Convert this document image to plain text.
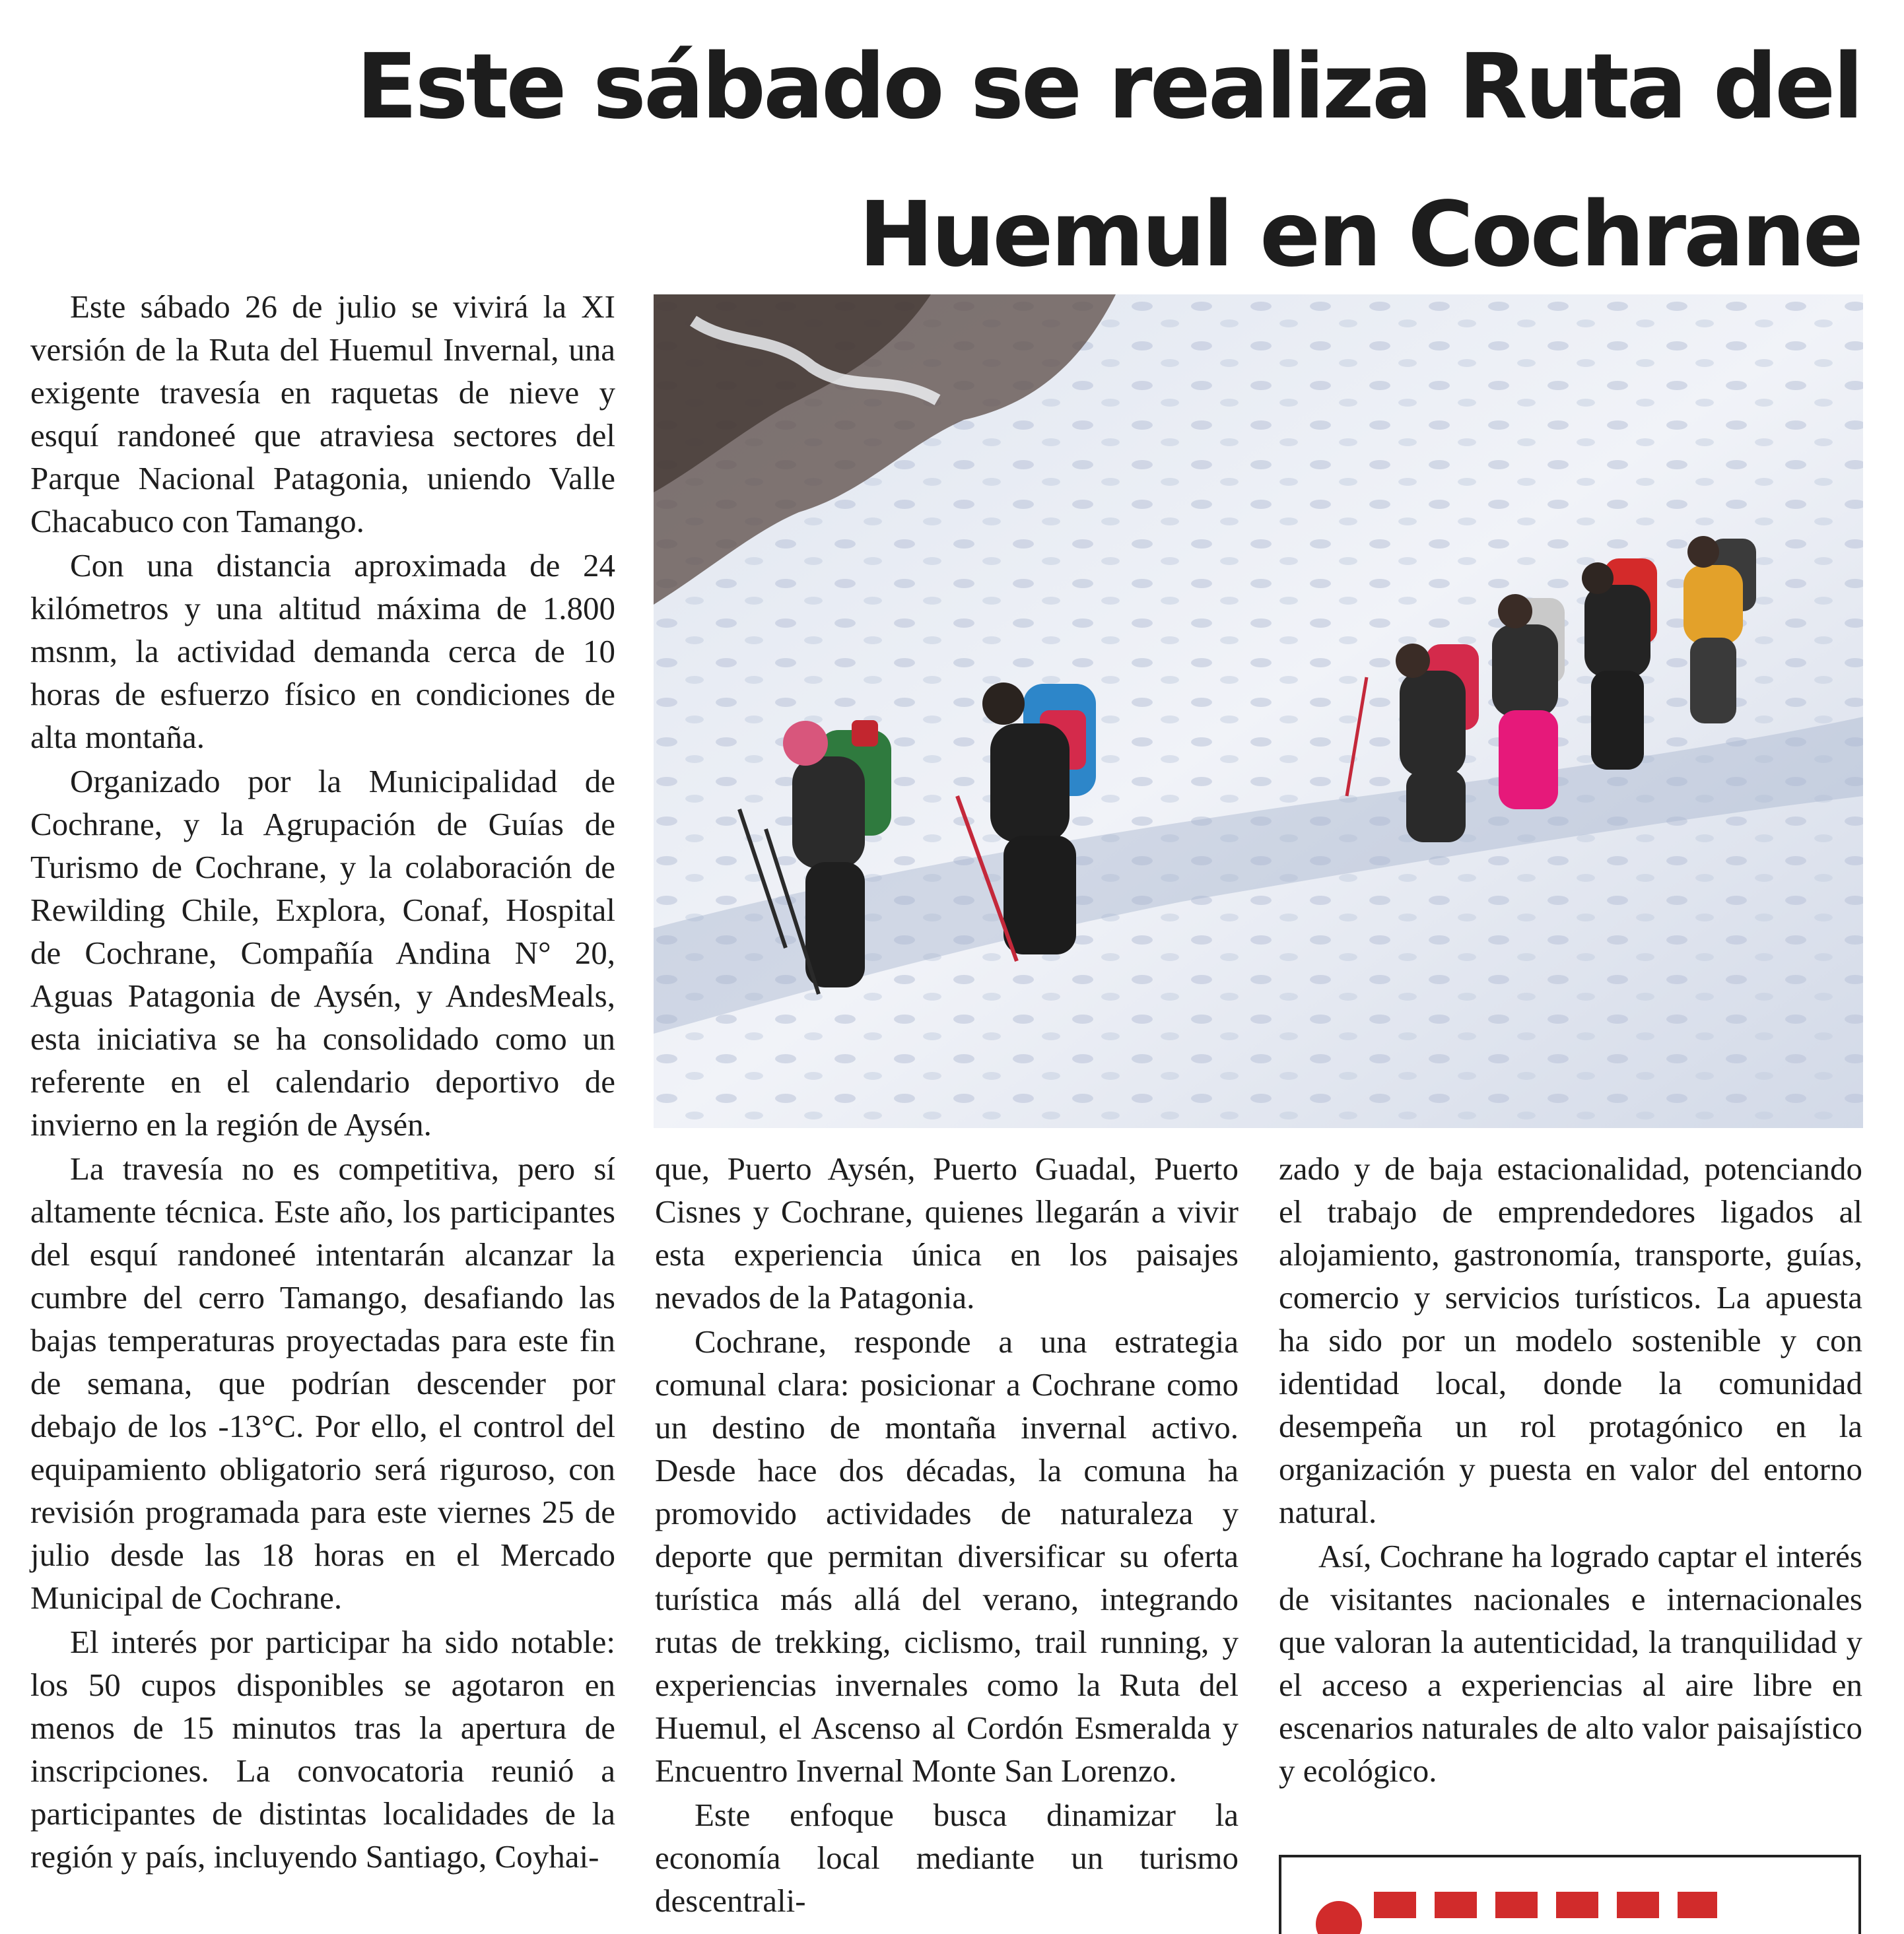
Este sábado se realiza Ruta del Huemul en Cochrane

Este sábado 26 de julio se vivirá la XI versión de la Ruta del Huemul Invernal, una exigente travesía en raquetas de nieve y esquí randoneé que atraviesa sectores del Parque Nacional Patagonia, uniendo Valle Chacabuco con Tamango.

Con una distancia aproximada de 24 kilómetros y una altitud máxima de 1.800 msnm, la actividad demanda cerca de 10 horas de esfuerzo físico en condiciones de alta montaña.

Organizado por la Municipalidad de Cochrane, y la Agrupación de Guías de Turismo de Cochrane, y la colaboración de Rewilding Chile, Explora, Conaf, Hospital de Cochrane, Compañía Andina N° 20, Aguas Patagonia de Aysén, y AndesMeals, esta iniciativa se ha consolidado como un referente en el calendario deportivo de invierno en la región de Aysén.

La travesía no es competitiva, pero sí altamente técnica. Este año, los participantes del esquí randoneé intentarán alcanzar la cumbre del cerro Tamango, desafiando las bajas temperaturas proyectadas para este fin de semana, que podrían descender por debajo de los -13°C. Por ello, el control del equipamiento obligatorio será riguroso, con revisión programada para este viernes 25 de julio desde las 18 horas en el Mercado Municipal de Cochrane.

El interés por participar ha sido notable: los 50 cupos disponibles se agotaron en menos de 15 minutos tras la apertura de inscripciones. La convocatoria reunió a participantes de distintas localidades de la región y país, incluyendo Santiago, Coyhai-

que, Puerto Aysén, Puerto Guadal, Puerto Cisnes y Cochrane, quienes llegarán a vivir esta experiencia única en los paisajes nevados de la Patagonia.

Cochrane, responde a una estrategia comunal clara: posicionar a Cochrane como un destino de montaña invernal activo. Desde hace dos décadas, la comuna ha promovido actividades de naturaleza y deporte que permitan diversificar su oferta turística más allá del verano, integrando rutas de trekking, ciclismo, trail running, y experiencias invernales como la Ruta del Huemul, el Ascenso al Cordón Esmeralda y Encuentro Invernal Monte San Lorenzo.

Este enfoque busca dinamizar la economía local mediante un turismo descentrali-

zado y de baja estacionalidad, potenciando el trabajo de emprendedores ligados al alojamiento, gastronomía, transporte, guías, comercio y servicios turísticos. La apuesta ha sido por un modelo sostenible y con identidad local, donde la comunidad desempeña un rol protagónico en la organización y puesta en valor del entorno natural.

Así, Cochrane ha logrado captar el interés de visitantes nacionales e internacionales que valoran la autenticidad, la tranquilidad y el acceso a experiencias al aire libre en escenarios naturales de alto valor paisajístico y ecológico.
